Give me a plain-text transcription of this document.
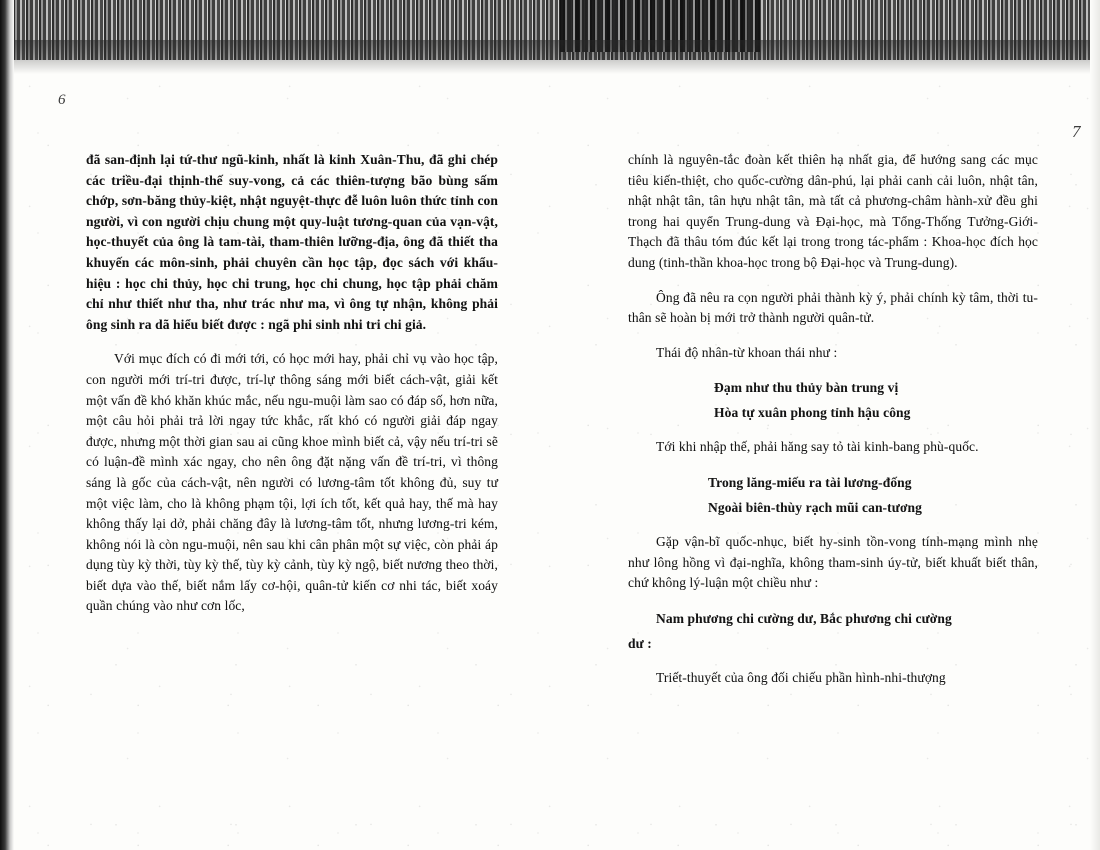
6
7

đã san-định lại tứ-thư ngũ-kinh, nhất là kinh Xuân-Thu, đã ghi chép các triều-đại thịnh-thế suy-vong, cả các thiên-tượng bão bùng sấm chớp, sơn-băng thủy-kiệt, nhật nguyệt-thực đễ luôn luôn thức tỉnh con người, vì con người chịu chung một quy-luật tương-quan của vạn-vật, học-thuyết của ông là tam-tài, tham-thiên lưỡng-địa, ông đã thiết tha khuyến các môn-sinh, phải chuyên cần học tập, đọc sách với khẩu-hiệu : học chi thủy, học chi trung, học chi chung, học tập phải chăm chỉ như thiết như tha, như trác như ma, vì ông tự nhận, không phải ông sinh ra dã hiểu biết được : ngã phi sinh nhi tri chi giả.

Với mục đích có đi mới tới, có học mới hay, phải chỉ vụ vào học tập, con người mới trí-tri được, trí-lự thông sáng mới biết cách-vật, giải kết một vấn đề khó khăn khúc mắc, nếu ngu-muội làm sao có đáp số, hơn nữa, một câu hỏi phải trả lời ngay tức khắc, rất khó có người giải đáp ngay được, nhưng một thời gian sau ai cũng khoe mình biết cả, vậy nếu trí-tri sẽ có luận-đề mình xác ngay, cho nên ông đặt nặng vấn đề trí-tri, vì thông sáng là gốc của cách-vật, nên người có lương-tâm tốt không đủ, suy tư một việc làm, cho là không phạm tội, lợi ích tốt, kết quả hay, thế mà hay không thấy lại dở, phải chăng đây là lương-tâm tốt, nhưng lương-tri kém, không nói là còn ngu-muội, nên sau khi cân phân một sự việc, còn phải áp dụng tùy kỳ thời, tùy kỳ thế, tùy kỳ cảnh, tùy kỳ ngộ, biết nương theo thời, biết dựa vào thế, biết nắm lấy cơ-hội, quân-tử kiến cơ nhi tác, biết xoáy quần chúng vào như cơn lốc,

chính là nguyên-tắc đoàn kết thiên hạ nhất gia, để hướng sang các mục tiêu kiến-thiệt, cho quốc-cường dân-phú, lại phải canh cải luôn, nhật tân, nhật nhật tân, tân hựu nhật tân, mà tất cả phương-châm hành-xử đều ghi trong hai quyển Trung-dung và Đại-học, mà Tổng-Thống Tưởng-Giới-Thạch đã thâu tóm đúc kết lại trong trong tác-phẩm : Khoa-học đích học dung (tinh-thần khoa-học trong bộ Đại-học và Trung-dung).

Ông đã nêu ra cọn người phải thành kỳ ý, phải chính kỳ tâm, thời tu-thân sẽ hoàn bị mới trở thành người quân-tử.

Thái độ nhân-từ khoan thái như :

Đạm như thu thủy bàn trung vị
Hòa tự xuân phong tỉnh hậu công

Tới khi nhập thế, phải hăng say tỏ tài kinh-bang phù-quốc.

Trong lăng-miếu ra tài lương-đống
Ngoài biên-thùy rạch mũi can-tương

Gặp vận-bĩ quốc-nhục, biết hy-sinh tồn-vong tính-mạng mình nhẹ như lông hồng vì đại-nghĩa, không tham-sinh úy-tử, biết khuất biết thân, chứ không lý-luận một chiều như :

Nam phương chi cường dư, Bắc phương chi cường
dư :

Triết-thuyết của ông đối chiếu phần hình-nhi-thượng
